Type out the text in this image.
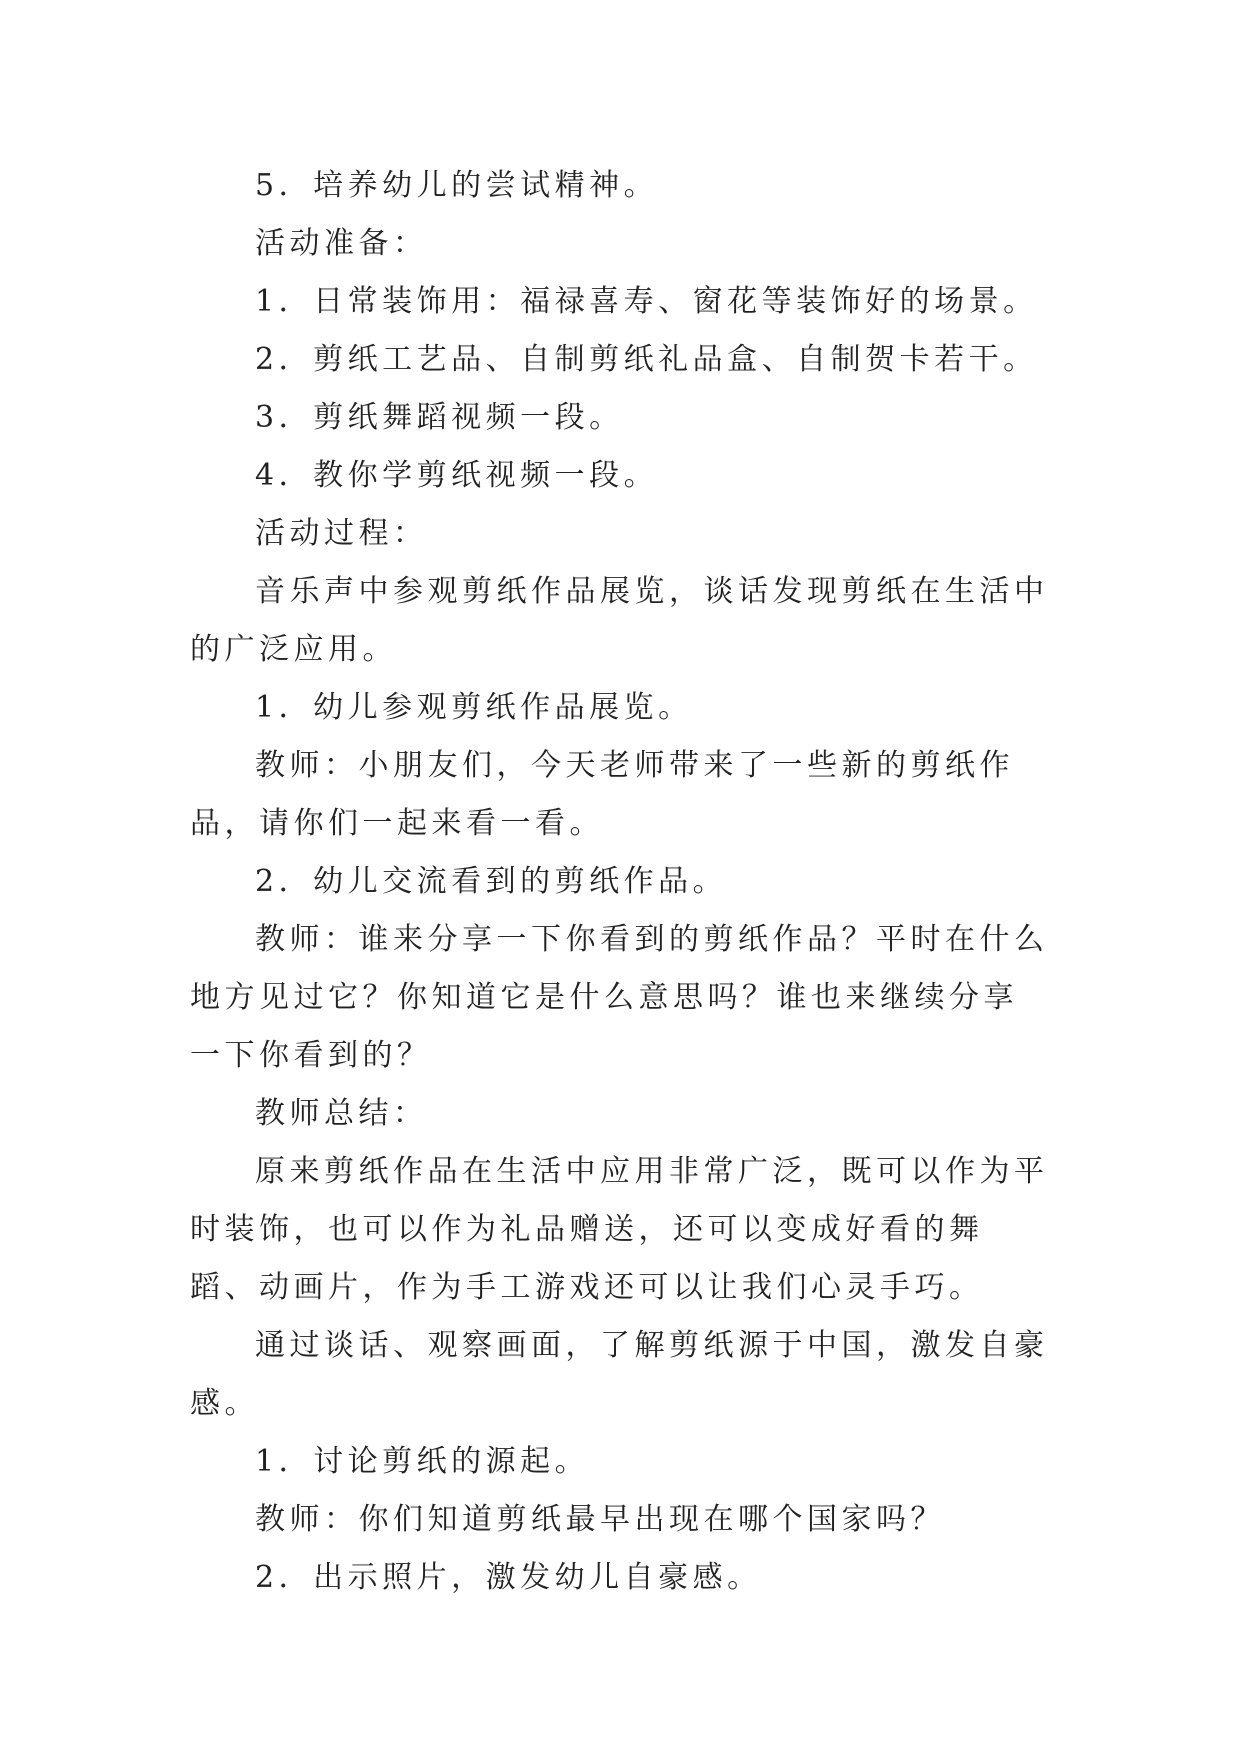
5．培养幼儿的尝试精神。

活动准备：

1．日常装饰用：福禄喜寿、窗花等装饰好的场景。

2．剪纸工艺品、自制剪纸礼品盒、自制贺卡若干。

3．剪纸舞蹈视频一段。

4．教你学剪纸视频一段。

活动过程：

音乐声中参观剪纸作品展览，谈话发现剪纸在生活中的广泛应用。

1．幼儿参观剪纸作品展览。

教师：小朋友们，今天老师带来了一些新的剪纸作品，请你们一起来看一看。

2．幼儿交流看到的剪纸作品。

教师：谁来分享一下你看到的剪纸作品？平时在什么地方见过它？你知道它是什么意思吗？谁也来继续分享一下你看到的？

教师总结：

原来剪纸作品在生活中应用非常广泛，既可以作为平时装饰，也可以作为礼品赠送，还可以变成好看的舞蹈、动画片，作为手工游戏还可以让我们心灵手巧。

通过谈话、观察画面，了解剪纸源于中国，激发自豪感。

1．讨论剪纸的源起。

教师：你们知道剪纸最早出现在哪个国家吗？

2．出示照片，激发幼儿自豪感。
